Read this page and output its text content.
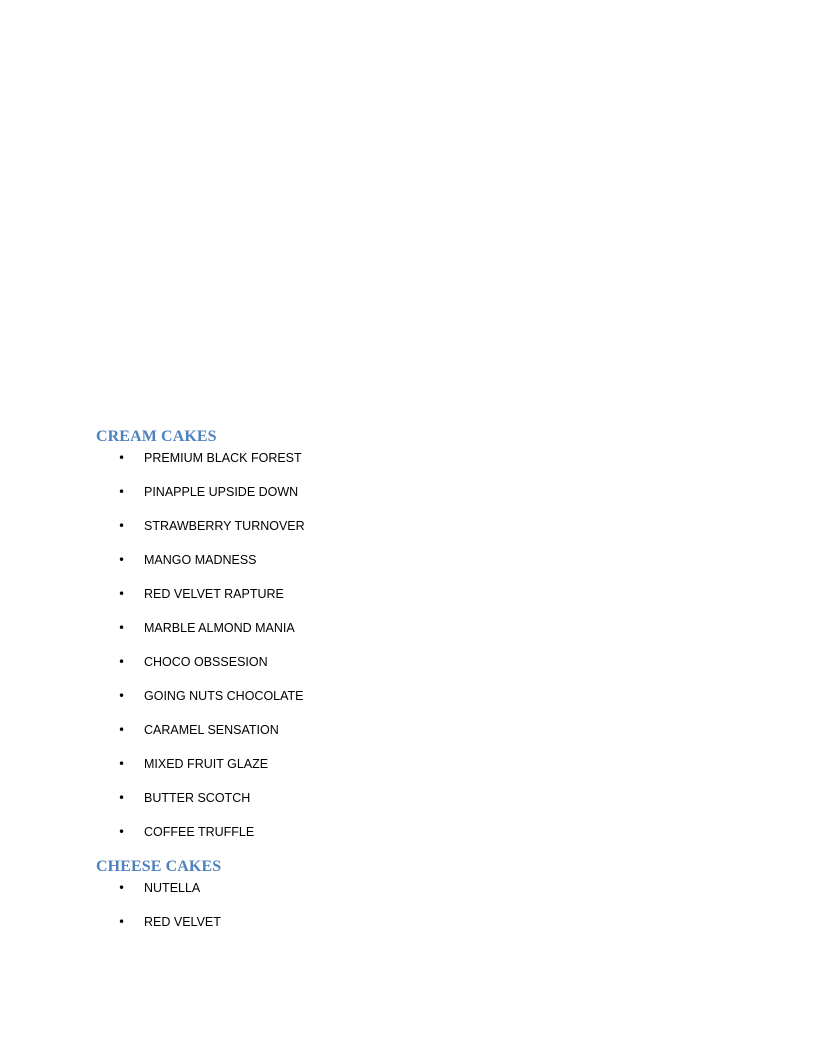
CREAM CAKES
• PREMIUM BLACK FOREST
• PINAPPLE UPSIDE DOWN
• STRAWBERRY TURNOVER
• MANGO MADNESS
• RED VELVET RAPTURE
• MARBLE ALMOND MANIA
• CHOCO OBSSESION
• GOING NUTS CHOCOLATE
• CARAMEL SENSATION
• MIXED FRUIT GLAZE
• BUTTER SCOTCH
• COFFEE TRUFFLE
CHEESE CAKES
• NUTELLA
• RED VELVET
